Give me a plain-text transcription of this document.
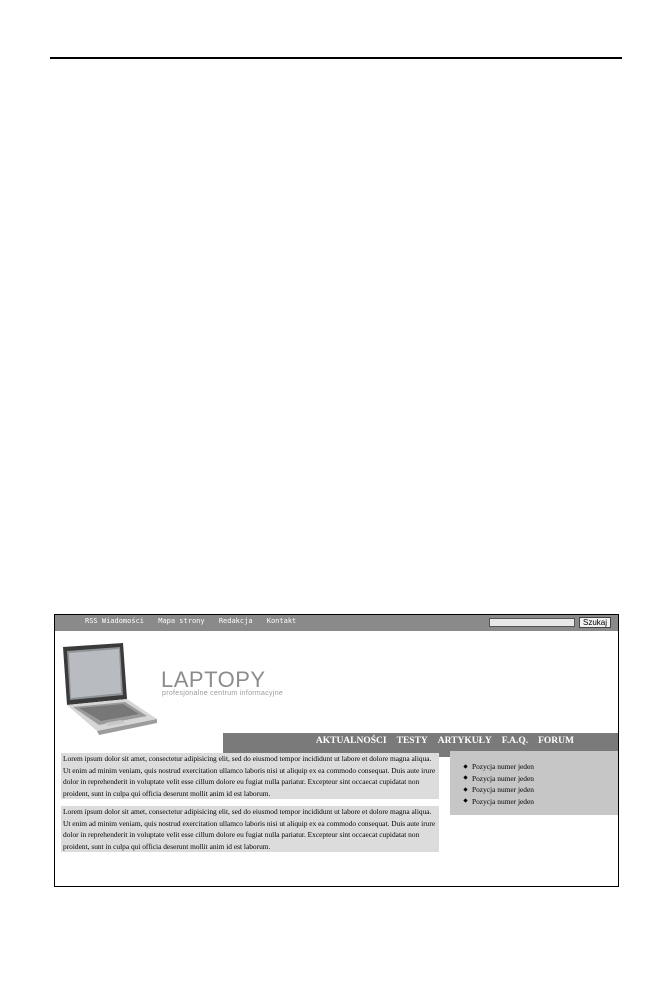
RSS Wiadomości Mapa strony Redakcja Kontakt	Szukaj
LAPTOPY
profesjonalne centrum informacyjne
AKTUALNOŚCI TESTY ARTYKUŁY F.A.Q. FORUM

Lorem ipsum dolor sit amet, consectetur adipisicing elit, sed do eiusmod tempor incididunt ut labore et dolore magna aliqua. Ut enim ad minim veniam, quis nostrud exercitation ullamco laboris nisi ut aliquip ex ea commodo consequat. Duis aute irure dolor in reprehenderit in voluptate velit esse cillum dolore eu fugiat nulla pariatur. Excepteur sint occaecat cupidatat non proident, sunt in culpa qui officia deserunt mollit anim id est laborum.

Lorem ipsum dolor sit amet, consectetur adipisicing elit, sed do eiusmod tempor incididunt ut labore et dolore magna aliqua. Ut enim ad minim veniam, quis nostrud exercitation ullamco laboris nisi ut aliquip ex ea commodo consequat. Duis aute irure dolor in reprehenderit in voluptate velit esse cillum dolore eu fugiat nulla pariatur. Excepteur sint occaecat cupidatat non proident, sunt in culpa qui officia deserunt mollit anim id est laborum.

Pozycja numer jeden
Pozycja numer jeden
Pozycja numer jeden
Pozycja numer jeden
